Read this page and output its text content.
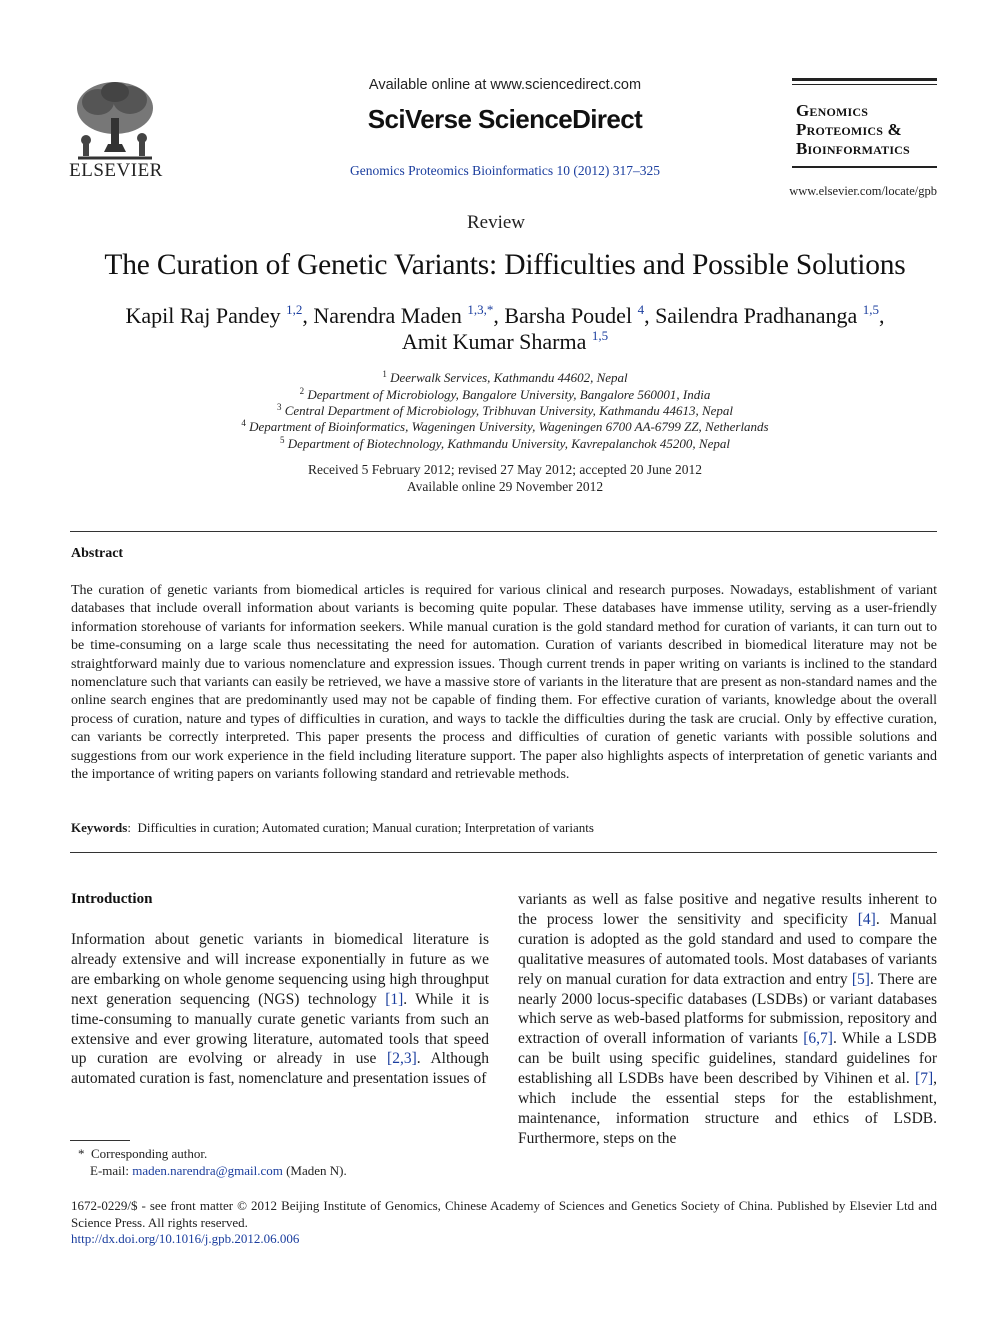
ELSEVIER
Available online at www.sciencedirect.com
SciVerse ScienceDirect
Genomics Proteomics Bioinformatics 10 (2012) 317–325
Genomics
Proteomics &
Bioinformatics
www.elsevier.com/locate/gpb
Review
The Curation of Genetic Variants: Difficulties and Possible Solutions
Kapil Raj Pandey $^{1,2}$, Narendra Maden $^{1,3,*}$, Barsha Poudel $^4$, Sailendra Pradhananga $^{1,5}$,
Amit Kumar Sharma $^{1,5}$
$^1$ Deerwalk Services, Kathmandu 44602, Nepal
$^2$ Department of Microbiology, Bangalore University, Bangalore 560001, India
$^3$ Central Department of Microbiology, Tribhuvan University, Kathmandu 44613, Nepal
$^4$ Department of Bioinformatics, Wageningen University, Wageningen 6700 AA-6799 ZZ, Netherlands
$^5$ Department of Biotechnology, Kathmandu University, Kavrepalanchok 45200, Nepal
Received 5 February 2012; revised 27 May 2012; accepted 20 June 2012
Available online 29 November 2012
Abstract
The curation of genetic variants from biomedical articles is required for various clinical and research purposes. Nowadays, establishment of variant databases that include overall information about variants is becoming quite popular. These databases have immense utility, serving as a user-friendly information storehouse of variants for information seekers. While manual curation is the gold standard method for curation of variants, it can turn out to be time-consuming on a large scale thus necessitating the need for automation. Curation of variants described in biomedical literature may not be straightforward mainly due to various nomenclature and expression issues. Though current trends in paper writing on variants is inclined to the standard nomenclature such that variants can easily be retrieved, we have a massive store of variants in the literature that are present as non-standard names and the online search engines that are predominantly used may not be capable of finding them. For effective curation of variants, knowledge about the overall process of curation, nature and types of difficulties in curation, and ways to tackle the difficulties during the task are crucial. Only by effective curation, can variants be correctly interpreted. This paper presents the process and difficulties of curation of genetic variants with possible solutions and suggestions from our work experience in the field including literature support. The paper also highlights aspects of interpretation of genetic variants and the importance of writing papers on variants following standard and retrievable methods.
Keywords:  Difficulties in curation; Automated curation; Manual curation; Interpretation of variants
Introduction
Information about genetic variants in biomedical literature is already extensive and will increase exponentially in future as we are embarking on whole genome sequencing using high throughput next generation sequencing (NGS) technology [1]. While it is time-consuming to manually curate genetic variants from such an extensive and ever growing literature, automated tools that speed up curation are evolving or already in use [2,3]. Although automated curation is fast, nomenclature and presentation issues of
variants as well as false positive and negative results inherent to the process lower the sensitivity and specificity [4]. Manual curation is adopted as the gold standard and used to compare the qualitative measures of automated tools. Most databases of variants rely on manual curation for data extraction and entry [5]. There are nearly 2000 locus-specific databases (LSDBs) or variant databases which serve as web-based platforms for submission, repository and extraction of overall information of variants [6,7]. While a LSDB can be built using specific guidelines, standard guidelines for establishing all LSDBs have been described by Vihinen et al. [7], which include the essential steps for the establishment, maintenance, information structure and ethics of LSDB. Furthermore, steps on the
* Corresponding author.
E-mail: maden.narendra@gmail.com (Maden N).
1672-0229/$ - see front matter © 2012 Beijing Institute of Genomics, Chinese Academy of Sciences and Genetics Society of China. Published by Elsevier Ltd and Science Press. All rights reserved.
http://dx.doi.org/10.1016/j.gpb.2012.06.006
